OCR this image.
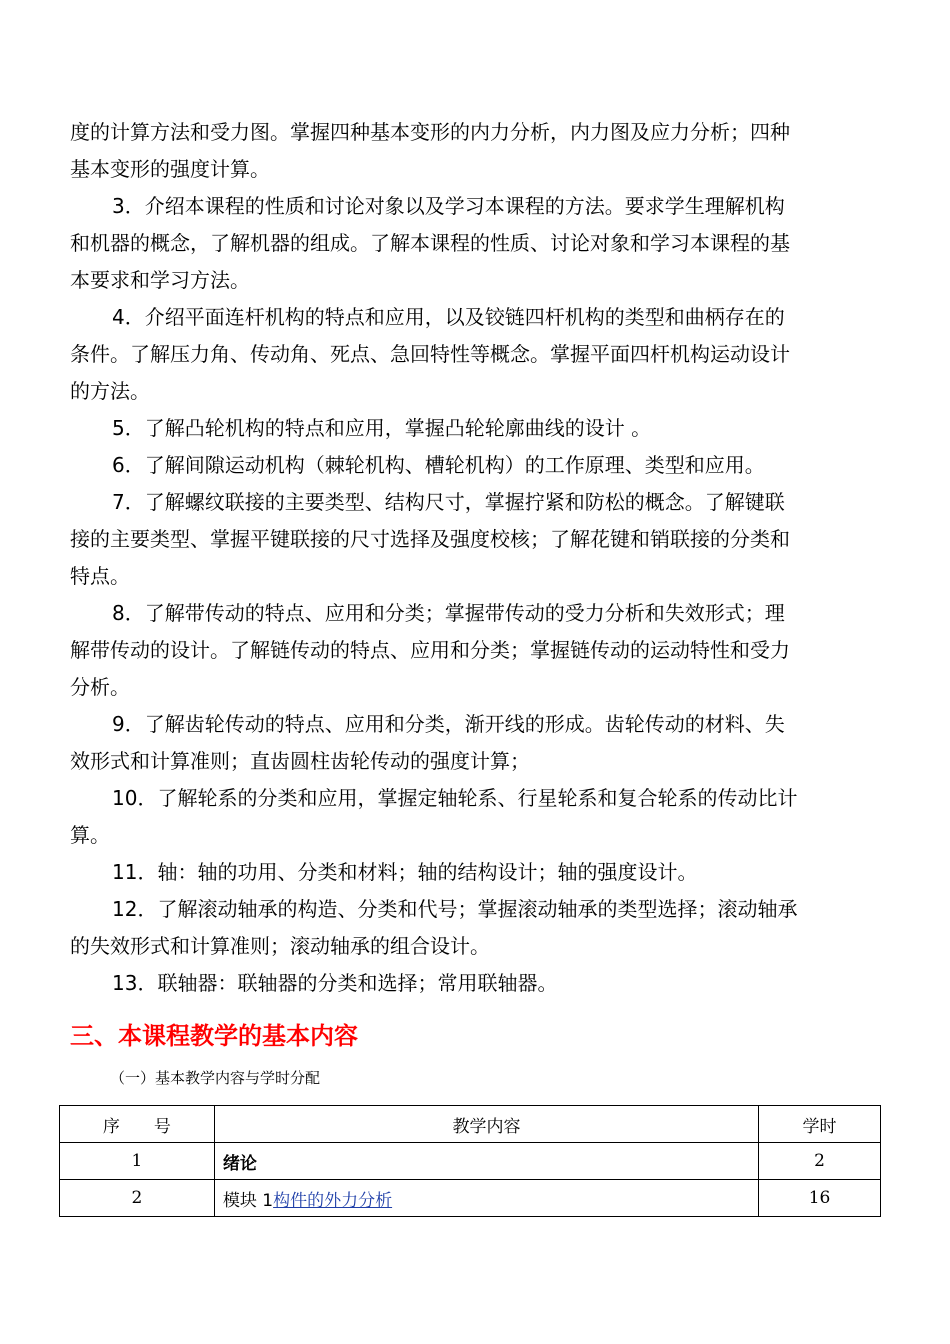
度的计算方法和受力图。掌握四种基本变形的内力分析，内力图及应力分析；四种
基本变形的强度计算。
3．介绍本课程的性质和讨论对象以及学习本课程的方法。要求学生理解机构
和机器的概念，了解机器的组成。了解本课程的性质、讨论对象和学习本课程的基
本要求和学习方法。
4．介绍平面连杆机构的特点和应用，以及铰链四杆机构的类型和曲柄存在的
条件。了解压力角、传动角、死点、急回特性等概念。掌握平面四杆机构运动设计
的方法。
5．了解凸轮机构的特点和应用，掌握凸轮轮廓曲线的设计 。
6．了解间隙运动机构（棘轮机构、槽轮机构）的工作原理、类型和应用。
7．了解螺纹联接的主要类型、结构尺寸，掌握拧紧和防松的概念。了解键联
接的主要类型、掌握平键联接的尺寸选择及强度校核；了解花键和销联接的分类和
特点。
8．了解带传动的特点、应用和分类；掌握带传动的受力分析和失效形式；理
解带传动的设计。了解链传动的特点、应用和分类；掌握链传动的运动特性和受力
分析。
9．了解齿轮传动的特点、应用和分类，渐开线的形成。齿轮传动的材料、失
效形式和计算准则；直齿圆柱齿轮传动的强度计算；
10．了解轮系的分类和应用，掌握定轴轮系、行星轮系和复合轮系的传动比计
算。
11．轴：轴的功用、分类和材料；轴的结构设计；轴的强度设计。
12．了解滚动轴承的构造、分类和代号；掌握滚动轴承的类型选择；滚动轴承
的失效形式和计算准则；滚动轴承的组合设计。
13．联轴器：联轴器的分类和选择；常用联轴器。
三、本课程教学的基本内容
（一）基本教学内容与学时分配
序　　号	教学内容	学时
1	绪论	2
2	模块 1构件的外力分析	16
